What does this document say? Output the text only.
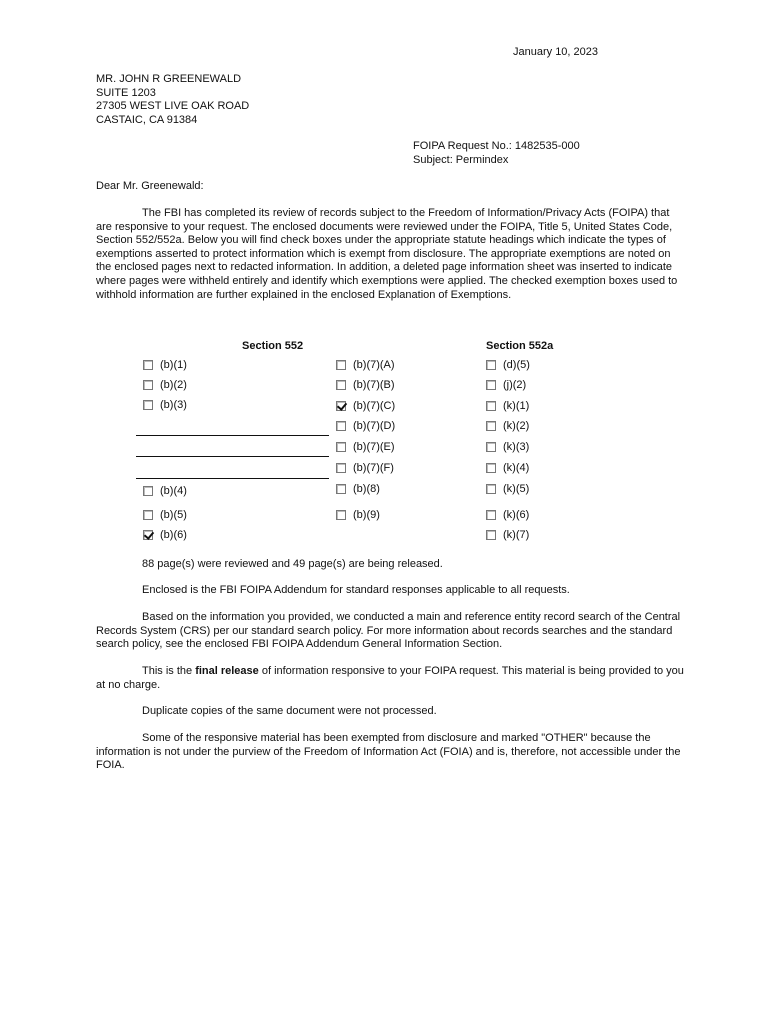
January 10, 2023
MR. JOHN R GREENEWALD
SUITE 1203
27305 WEST LIVE OAK ROAD
CASTAIC, CA 91384
FOIPA Request No.: 1482535-000
Subject: Permindex
Dear Mr. Greenewald:
The FBI has completed its review of records subject to the Freedom of Information/Privacy Acts (FOIPA) that are responsive to your request. The enclosed documents were reviewed under the FOIPA, Title 5, United States Code, Section 552/552a. Below you will find check boxes under the appropriate statute headings which indicate the types of exemptions asserted to protect information which is exempt from disclosure. The appropriate exemptions are noted on the enclosed pages next to redacted information. In addition, a deleted page information sheet was inserted to indicate where pages were withheld entirely and identify which exemptions were applied. The checked exemption boxes used to withhold information are further explained in the enclosed Explanation of Exemptions.
Section 552	Section 552a
(b)(1)
(b)(2)
(b)(3)
(b)(4)
(b)(5)
(b)(6)
(b)(7)(A)
(b)(7)(B)
(b)(7)(C)
(b)(7)(D)
(b)(7)(E)
(b)(7)(F)
(b)(8)
(b)(9)
(d)(5)
(j)(2)
(k)(1)
(k)(2)
(k)(3)
(k)(4)
(k)(5)
(k)(6)
(k)(7)
88 page(s) were reviewed and 49 page(s) are being released.
Enclosed is the FBI FOIPA Addendum for standard responses applicable to all requests.
Based on the information you provided, we conducted a main and reference entity record search of the Central Records System (CRS) per our standard search policy. For more information about records searches and the standard search policy, see the enclosed FBI FOIPA Addendum General Information Section.
This is the final release of information responsive to your FOIPA request. This material is being provided to you at no charge.
Duplicate copies of the same document were not processed.
Some of the responsive material has been exempted from disclosure and marked "OTHER" because the information is not under the purview of the Freedom of Information Act (FOIA) and is, therefore, not accessible under the FOIA.
